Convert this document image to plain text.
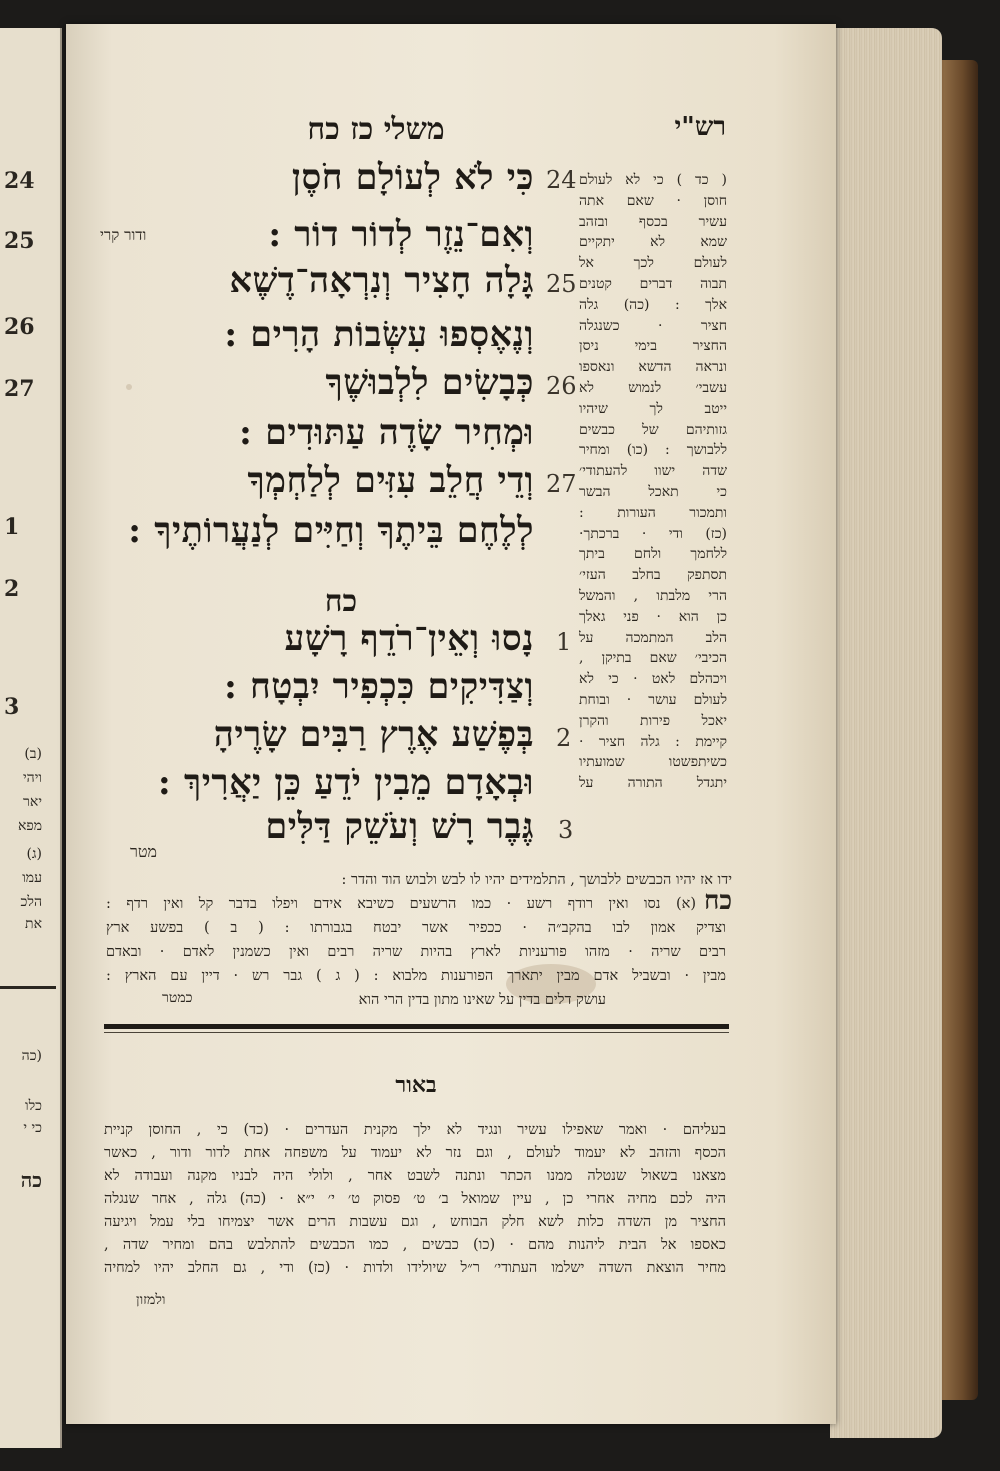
24
25
26
27
1
2
3
(ב)
ויהי
יאר
מפא
(ג)
עמו
הלכ
את
(כה
כלו
כי י
כה
משלי כז כח	רש"י
כִּי לֹא לְעוֹלָם חֹסֶן 24
וְאִם־נֵזֶר לְדוֹר דוֹר :
ודור קרי
גָּלָה חָצִיר וְנִרְאָה־דֶשֶׁא 25
וְנֶאֶסְפוּ עִשְּׂבוֹת הָרִים :
כְּבָשִׂים לִלְבוּשֶׁךָ 26
וּמְחִיר שָׂדֶה עַתּוּדִים :
וְדֵי חֲלֵב עִזִּים לְלַחְמְךָ 27
לְלֶחֶם בֵּיתֶךָ וְחַיִּים לְנַעֲרוֹתֶיךָ :
כח
נָסוּ וְאֵין־רֹדֵף רָשָׁע 1
וְצַדִּיקִים כִּכְפִיר יִבְטָח :
בְּפֶשַׁע אֶרֶץ רַבִּים שָׂרֶיהָ 2
וּבְאָדָם מֵבִין יֹדֵעַ כֵּן יַאֲרִיךְ :
גֶּבֶר רָשׁ וְעֹשֵׁק דַּלִּים 3
מטר
( כד ) כי לא לעולם
חוסן · שאם אתה
עשיר בכסף ובזהב
שמא לא יתקיים
לעולם לכך אל
תבוה דברים קטנים
אלך : (כה) גלה
חציר · כשנגלה
החציר בימי ניסן
ונראה הדשא ונאספו
עשבי׳ לנמוש לא
ייטב לך שיהיו
גזותיהם של כבשים
ללבושך : (כו) ומחיר
שדה ישוו להעתודי׳
כי תאכל הבשר
ותמכור העורות :
(כז) ודי · ברכתך·
ללחמך ולחם ביתך
תסתפק בחלב העזי׳
הרי מלבתו , והמשל
כן הוא · פני גאלך
הלב המתמכה על
הכיבי׳ שאם בתיקן ,
ויכהלם לאט · כי לא
לעולם עושר · ובוחת
יאכל פירות והקרן
קיימת : גלה חציר ·
כשיתפשטו שמועתיו
יתגדל התורה על
ידו אז יהיו הכבשים ללבושך , התלמידים יהיו לו לבש ולבוש הוד והדר :
כח
(א) נסו ואין רודף רשע · כמו הרשעים כשיבא אידם ויפלו בדבר קל ואין רדף :
וצדיק אמון לבו בהקב״ה · ככפיר אשר יבטח בגבורתו : ( ב ) בפשע ארץ
רבים שריה · מזהו פורעניות לארץ בהיות שריה רבים ואין כשמנין לאדם · ובאדם
מבין · ובשביל אדם מבין יתארך הפורענות מלבוא : ( ג ) גבר רש · דיין עם הארץ :
עושק דלים בדין על שאינו מתון בדין הרי הוא
כמטר
באור
בעליהם · ואמר שאפילו עשיר ונגיד לא ילך מקנית העדרים · (כד) כי , החוסן קניית
הכסף והזהב לא יעמוד לעולם , וגם נזר לא יעמוד על משפחה אחת לדור ודור , כאשר
מצאנו בשאול שנטלה ממנו הכתר ונתנה לשבט אחר , ולולי היה לבניו מקנה ועבודה לא
היה לכם מחיה אחרי כן , עיין שמואל ב׳ ט׳ פסוק ט׳ י׳ י״א · (כה) גלה , אחר שנגלה
החציר מן השדה כלות לשא חלק הבוחש , וגם עשבות הרים אשר יצמיחו בלי עמל ויגיעה
כאספו אל הבית ליהנות מהם · (כו) כבשים , כמו הכבשים להתלבש בהם ומחיר שדה ,
מחיר הוצאת השדה ישלמו העתודי׳ ר״ל שיולידו ולדות · (כז) ודי , גם החלב יהיו למחיה
ולמזון
